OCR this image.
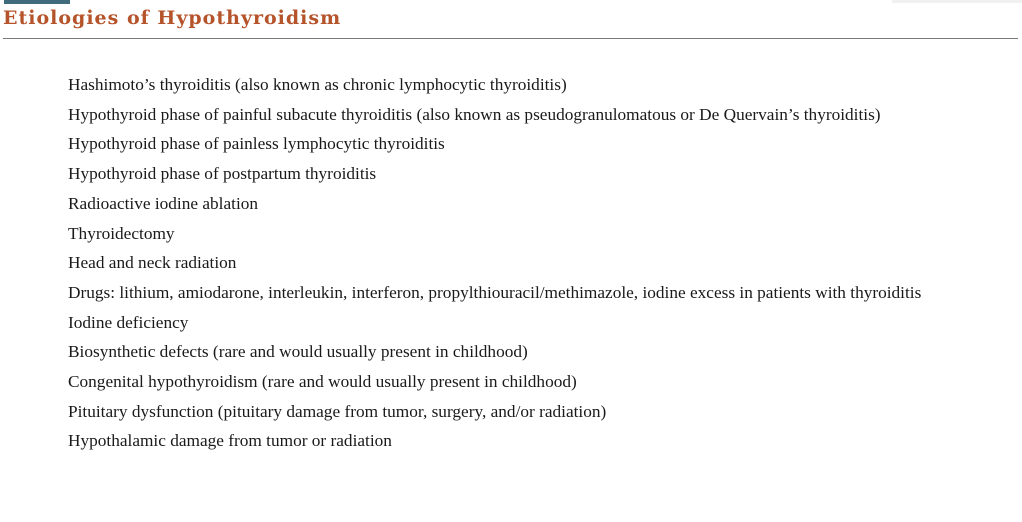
Etiologies of Hypothyroidism
Hashimoto’s thyroiditis (also known as chronic lymphocytic thyroiditis)
Hypothyroid phase of painful subacute thyroiditis (also known as pseudogranulomatous or De Quervain’s thyroiditis)
Hypothyroid phase of painless lymphocytic thyroiditis
Hypothyroid phase of postpartum thyroiditis
Radioactive iodine ablation
Thyroidectomy
Head and neck radiation
Drugs: lithium, amiodarone, interleukin, interferon, propylthiouracil/methimazole, iodine excess in patients with thyroiditis
Iodine deficiency
Biosynthetic defects (rare and would usually present in childhood)
Congenital hypothyroidism (rare and would usually present in childhood)
Pituitary dysfunction (pituitary damage from tumor, surgery, and/or radiation)
Hypothalamic damage from tumor or radiation
